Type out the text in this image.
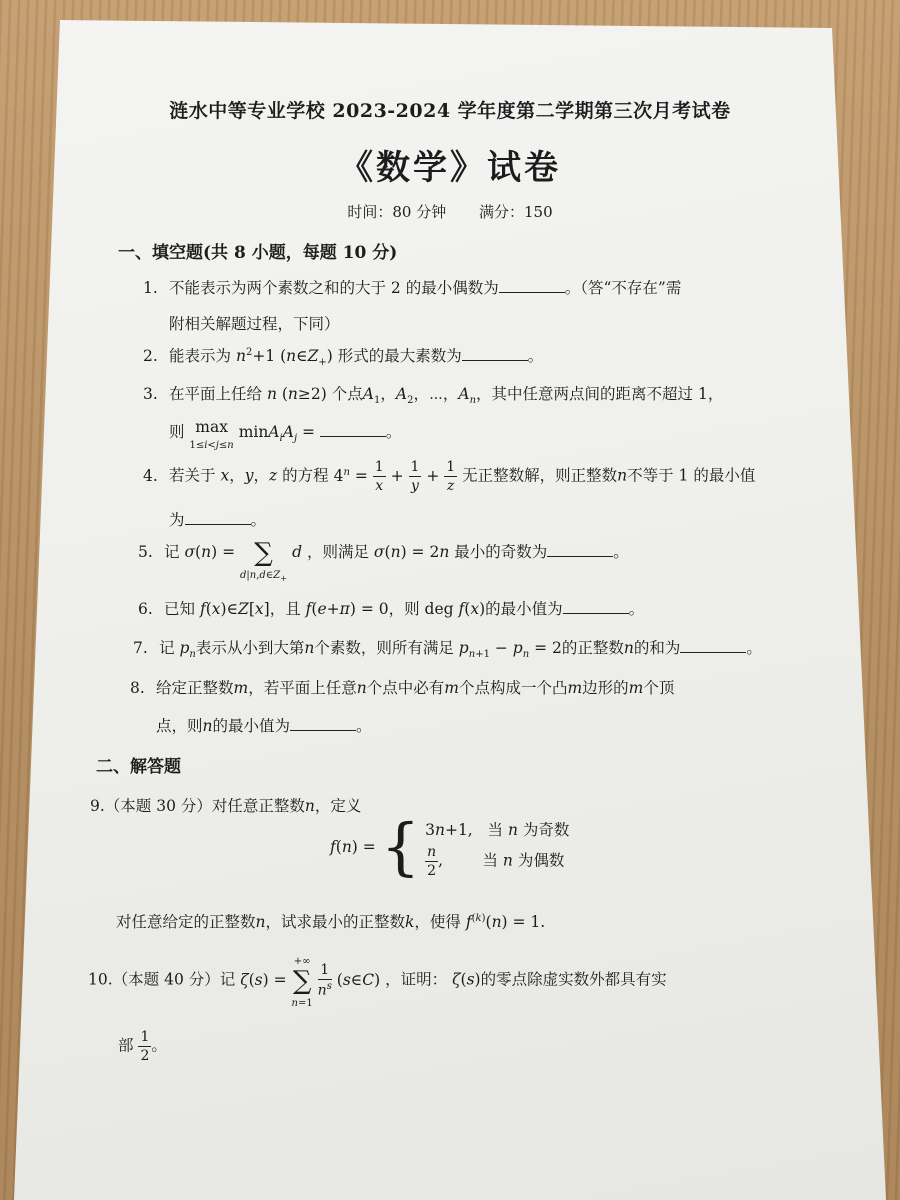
涟水中等专业学校 2023-2024 学年度第二学期第三次月考试卷
《数学》试卷
时间：80 分钟 满分：150
一、填空题(共 8 小题，每题 10 分)
1. 不能表示为两个素数之和的大于 2 的最小偶数为	。（答“不存在”需
附相关解题过程，下同）
2. 能表示为 $n^2+1$ $(n\in Z_+)$ 形式的最大素数为	。
3. 在平面上任给 n (n≥2) 个点$A_1$，$A_2$，⋯，$A_n$，其中任意两点间的距离不超过 1，
则 max
1≤i<j≤n $\min A_iA_j$ =	。
4. 若关于 x，y，z 的方程 $4^n = \frac{1}{x} + \frac{1}{y} + \frac{1}{z}$ 无正整数解，则正整数n不等于 1 的最小值
为	。
5. 记 σ(n) = ∑
$d|n,d\in Z_+$ d ，则满足 σ(n) = 2n 最小的奇数为	。
6. 已知 f(x)∈Z[x]，且 f(e+π) = 0，则 deg f(x)的最小值为	。
7. 记 $p_n$表示从小到大第n个素数，则所有满足 $p_{n+1} - p_n = 2$的正整数n的和为	。
8. 给定正整数m，若平面上任意n个点中必有m个点构成一个凸m边形的m个顶
点，则n的最小值为	。
二、解答题
9.（本题 30 分）对任意正整数n，定义
f(n) = { 3n+1,   当 n 为奇数
$\frac{n}{2}$ ,        当 n 为偶数
对任意给定的正整数n，试求最小的正整数k，使得 $f^{(k)}(n) = 1$.
10.（本题 40 分）记 ζ(s) = +∞
∑
n=1
$\frac{1}{n^s}$ (s∈C) ，证明： ζ(s)的零点除虚实数外都具有实
部 $\frac{1}{2}$ 。
